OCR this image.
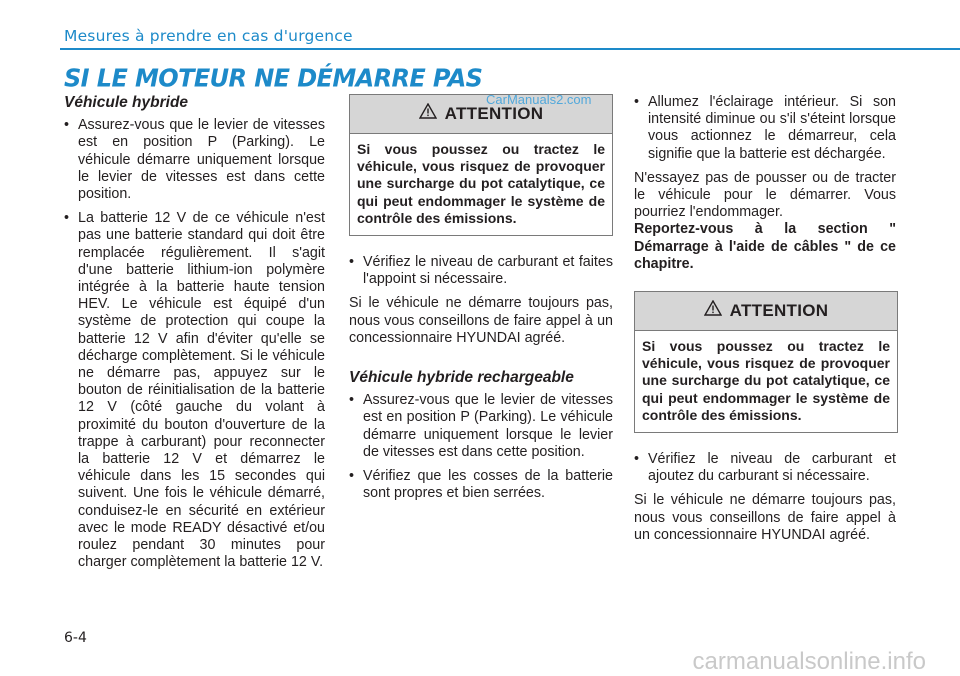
Mesures à prendre en cas d'urgence
SI LE MOTEUR NE DÉMARRE PAS
Véhicule hybride
• Assurez-vous que le levier de vitesses est en position P (Parking). Le véhicule démarre uniquement lorsque le levier de vitesses est dans cette position.
• La batterie 12 V de ce véhicule n'est pas une batterie standard qui doit être remplacée régulièrement. Il s'agit d'une batterie lithium-ion polymère intégrée à la batterie haute tension HEV. Le véhicule est équipé d'un système de protection qui coupe la batterie 12 V afin d'éviter qu'elle se décharge complètement. Si le véhicule ne démarre pas, appuyez sur le bouton de réinitialisation de la batterie 12 V (côté gauche du volant à proximité du bouton d'ouverture de la trappe à carburant) pour reconnecter la batterie 12 V et démarrez le véhicule dans les 15 secondes qui suivent. Une fois le véhicule démarré, conduisez-le en sécurité en extérieur avec le mode READY désactivé et/ou roulez pendant 30 minutes pour charger complètement la batterie 12 V.
ATTENTION
Si vous poussez ou tractez le véhicule, vous risquez de provoquer une surcharge du pot catalytique, ce qui peut endommager le système de contrôle des émissions.
• Vérifiez le niveau de carburant et faites l'appoint si nécessaire.

Si le véhicule ne démarre toujours pas, nous vous conseillons de faire appel à un concessionnaire HYUNDAI agréé.

Véhicule hybride rechargeable
• Assurez-vous que le levier de vitesses est en position P (Parking). Le véhicule démarre uniquement lorsque le levier de vitesses est dans cette position.
• Vérifiez que les cosses de la batterie sont propres et bien serrées.
• Allumez l'éclairage intérieur. Si son intensité diminue ou s'il s'éteint lorsque vous actionnez le démarreur, cela signifie que la batterie est déchargée.

N'essayez pas de pousser ou de tracter le véhicule pour le démarrer. Vous pourriez l'endommager.

Reportez-vous à la section " Démarrage à l'aide de câbles " de ce chapitre.

ATTENTION
Si vous poussez ou tractez le véhicule, vous risquez de provoquer une surcharge du pot catalytique, ce qui peut endommager le système de contrôle des émissions.
• Vérifiez le niveau de carburant et ajoutez du carburant si nécessaire.

Si le véhicule ne démarre toujours pas, nous vous conseillons de faire appel à un concessionnaire HYUNDAI agréé.

6-4
CarManuals2.com
carmanualsonline.info
